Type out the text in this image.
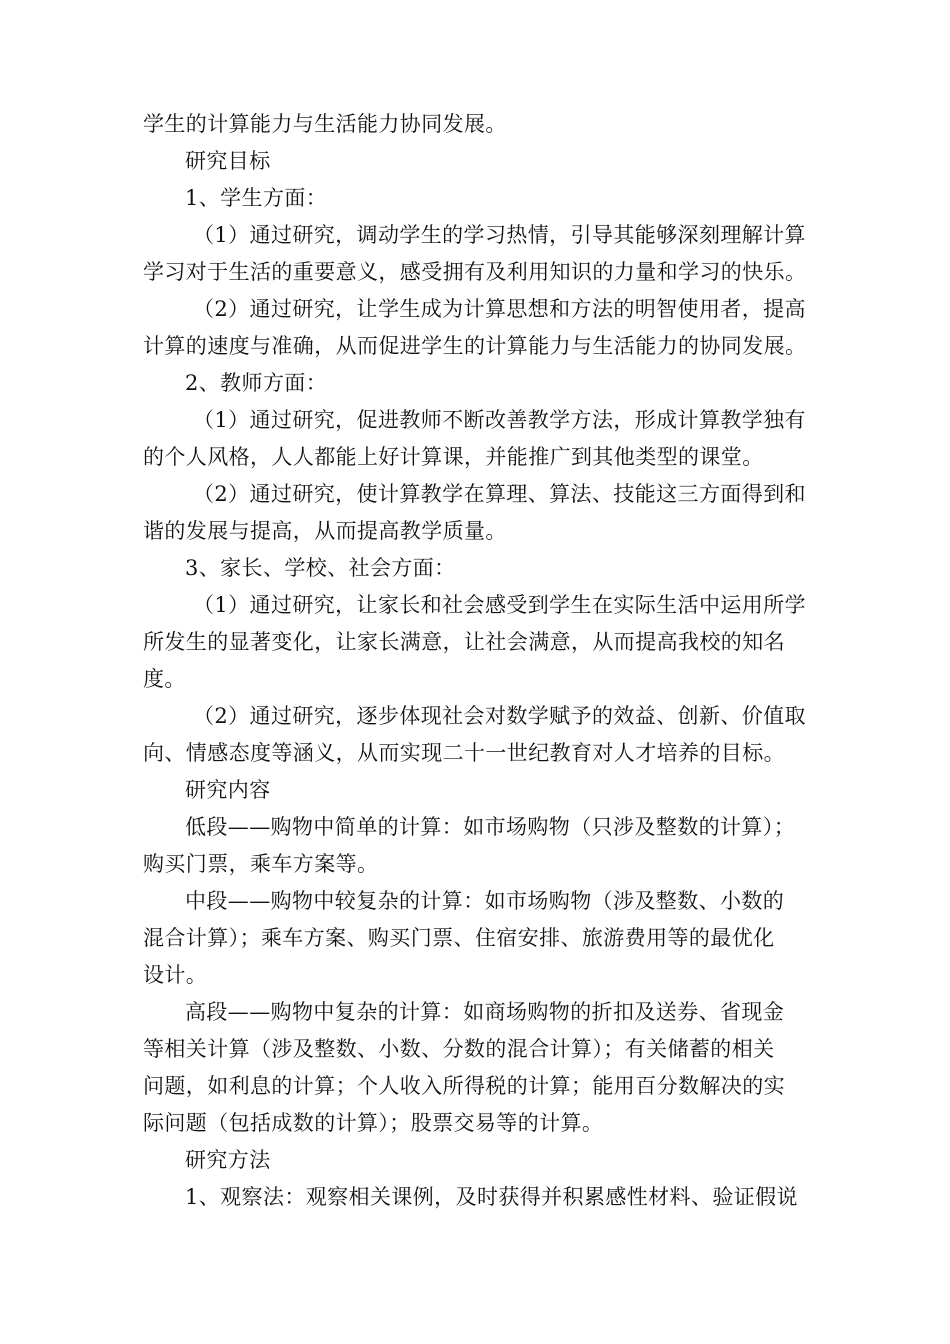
学生的计算能力与生活能力协同发展。

研究目标

1、学生方面：

（1）通过研究，调动学生的学习热情，引导其能够深刻理解计算

学习对于生活的重要意义，感受拥有及利用知识的力量和学习的快乐。

（2）通过研究，让学生成为计算思想和方法的明智使用者，提高

计算的速度与准确，从而促进学生的计算能力与生活能力的协同发展。

2、教师方面：

（1）通过研究，促进教师不断改善教学方法，形成计算教学独有

的个人风格，人人都能上好计算课，并能推广到其他类型的课堂。

（2）通过研究，使计算教学在算理、算法、技能这三方面得到和

谐的发展与提高，从而提高教学质量。

3、家长、学校、社会方面：

（1）通过研究，让家长和社会感受到学生在实际生活中运用所学

所发生的显著变化，让家长满意，让社会满意，从而提高我校的知名

度。

（2）通过研究，逐步体现社会对数学赋予的效益、创新、价值取

向、情感态度等涵义，从而实现二十一世纪教育对人才培养的目标。

研究内容

低段——购物中简单的计算：如市场购物（只涉及整数的计算）；

购买门票，乘车方案等。

中段——购物中较复杂的计算：如市场购物（涉及整数、小数的

混合计算）；乘车方案、购买门票、住宿安排、旅游费用等的最优化

设计。

高段——购物中复杂的计算：如商场购物的折扣及送券、省现金

等相关计算（涉及整数、小数、分数的混合计算）；有关储蓄的相关

问题，如利息的计算；个人收入所得税的计算；能用百分数解决的实

际问题（包括成数的计算）；股票交易等的计算。

研究方法

1、观察法：观察相关课例，及时获得并积累感性材料、验证假说
